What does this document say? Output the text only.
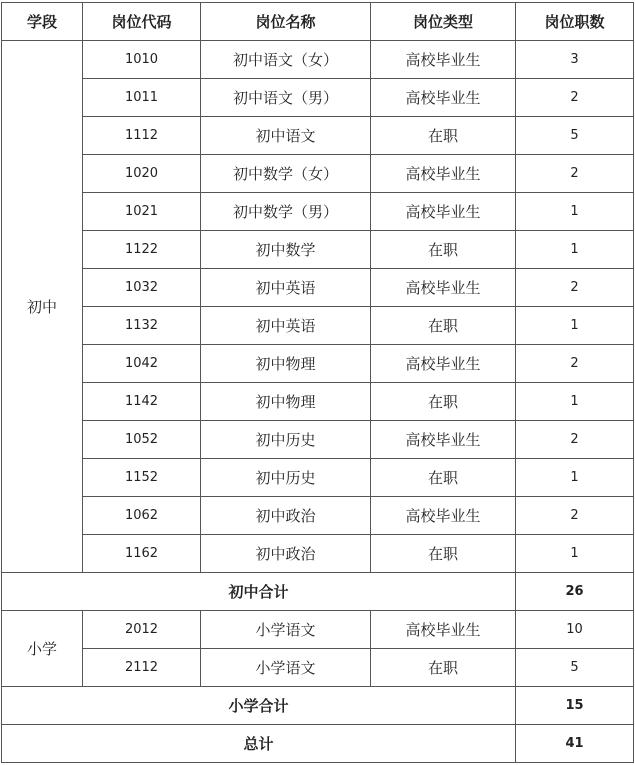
学段	岗位代码	岗位名称	岗位类型	岗位职数
初中	1010	初中语文（女）	高校毕业生	3
	1011	初中语文（男）	高校毕业生	2
	1112	初中语文	在职	5
	1020	初中数学（女）	高校毕业生	2
	1021	初中数学（男）	高校毕业生	1
	1122	初中数学	在职	1
	1032	初中英语	高校毕业生	2
	1132	初中英语	在职	1
	1042	初中物理	高校毕业生	2
	1142	初中物理	在职	1
	1052	初中历史	高校毕业生	2
	1152	初中历史	在职	1
	1062	初中政治	高校毕业生	2
	1162	初中政治	在职	1
初中合计				26
小学	2012	小学语文	高校毕业生	10
	2112	小学语文	在职	5
小学合计				15
总计				41
